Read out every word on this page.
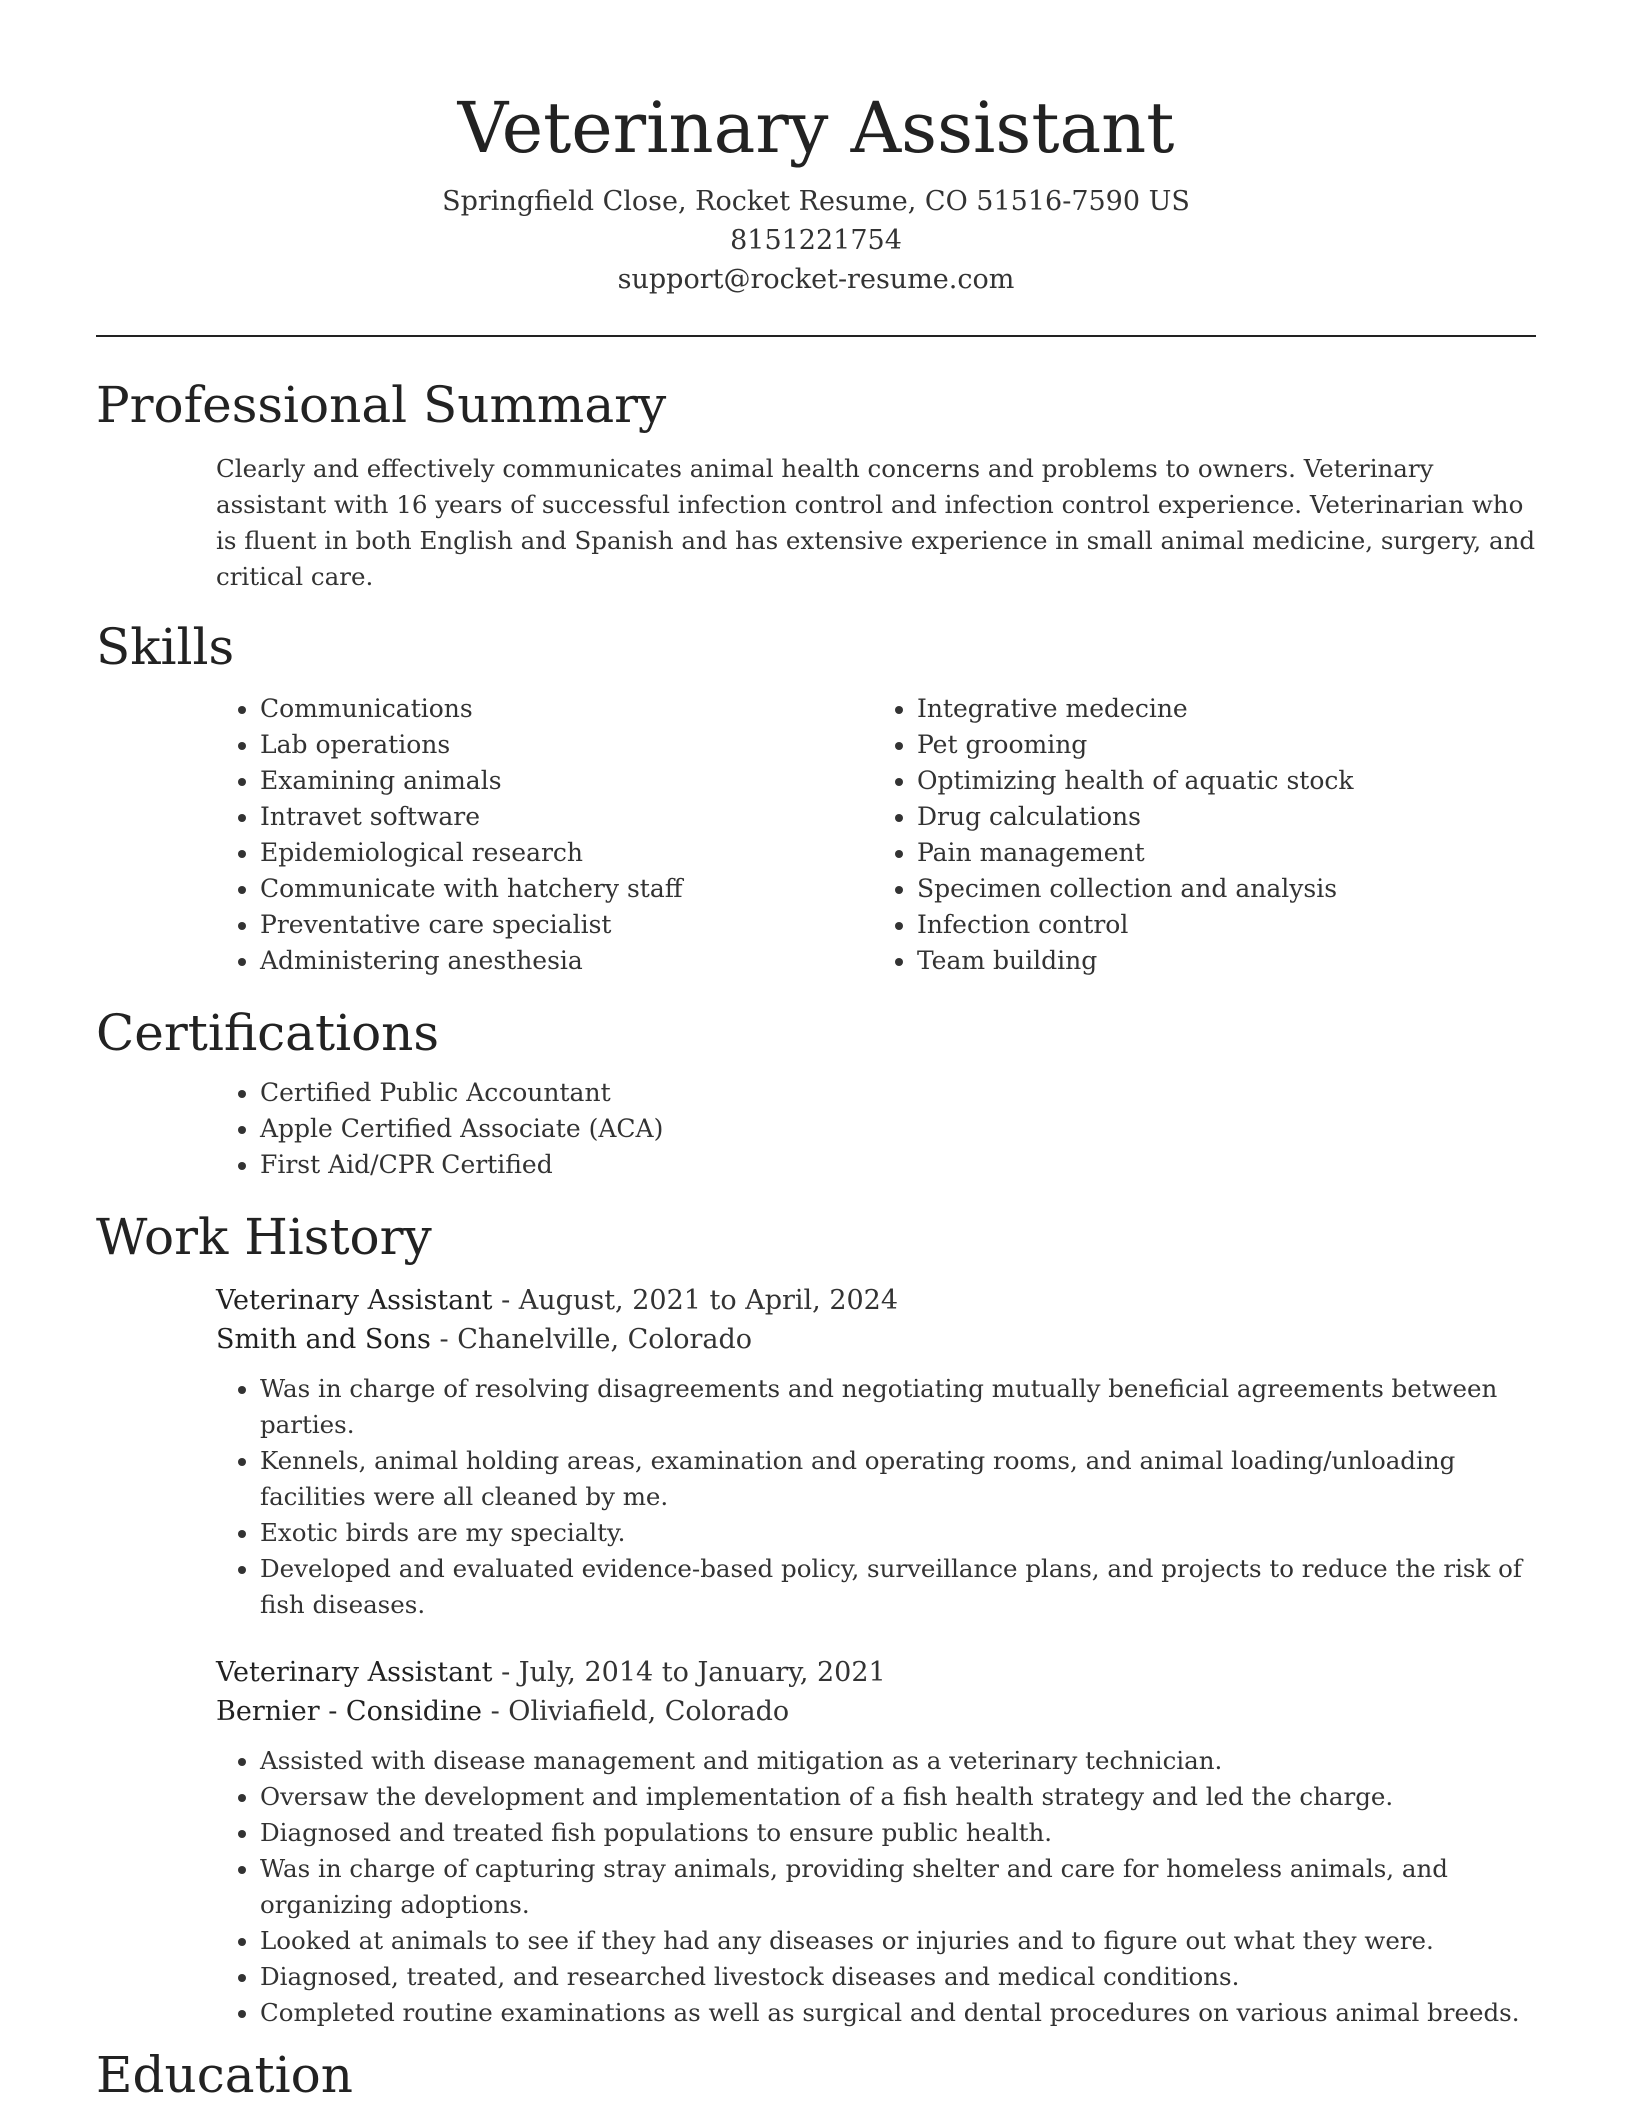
Veterinary Assistant
Springfield Close, Rocket Resume, CO 51516-7590 US
8151221754
support@rocket-resume.com
Professional Summary

Clearly and effectively communicates animal health concerns and problems to owners. Veterinary assistant with 16 years of successful infection control and infection control experience. Veterinarian who is fluent in both English and Spanish and has extensive experience in small animal medicine, surgery, and critical care.

Skills
• Communications
• Lab operations
• Examining animals
• Intravet software
• Epidemiological research
• Communicate with hatchery staff
• Preventative care specialist
• Administering anesthesia
• Integrative medecine
• Pet grooming
• Optimizing health of aquatic stock
• Drug calculations
• Pain management
• Specimen collection and analysis
• Infection control
• Team building
Certifications
• Certified Public Accountant
• Apple Certified Associate (ACA)
• First Aid/CPR Certified
Work History
Veterinary Assistant - August, 2021 to April, 2024
Smith and Sons - Chanelville, Colorado
• Was in charge of resolving disagreements and negotiating mutually beneficial agreements between parties.
• Kennels, animal holding areas, examination and operating rooms, and animal loading/unloading facilities were all cleaned by me.
• Exotic birds are my specialty.
• Developed and evaluated evidence-based policy, surveillance plans, and projects to reduce the risk of fish diseases.
Veterinary Assistant - July, 2014 to January, 2021
Bernier - Considine - Oliviafield, Colorado
• Assisted with disease management and mitigation as a veterinary technician.
• Oversaw the development and implementation of a fish health strategy and led the charge.
• Diagnosed and treated fish populations to ensure public health.
• Was in charge of capturing stray animals, providing shelter and care for homeless animals, and organizing adoptions.
• Looked at animals to see if they had any diseases or injuries and to figure out what they were.
• Diagnosed, treated, and researched livestock diseases and medical conditions.
• Completed routine examinations as well as surgical and dental procedures on various animal breeds.
Education
